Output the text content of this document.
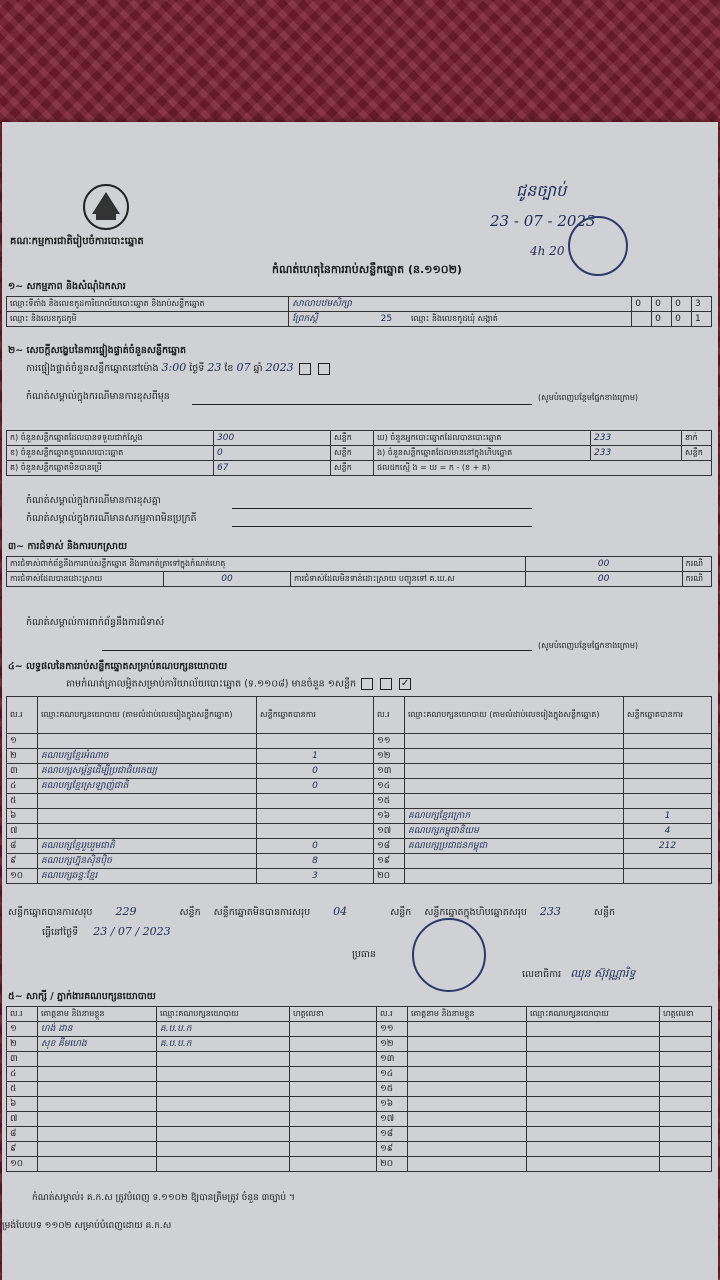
គណៈកម្មការជាតិរៀបចំការបោះឆ្នោត
កំណត់ហេតុនៃការរាប់សន្លឹកឆ្នោត (ន.១១០២)
ជូនច្បាប់
23 - 07 - 2023
4h 20
១~ សកម្មភាព និងសំណុំឯកសារ
ឈ្មោះទីតាំង និងលេខកូដការិយាល័យបោះឆ្នោត និងរាប់សន្លឹកឆ្នោត	សាលាបឋមសិក្សា	0	0	0	3
ឈ្មោះ និងលេខកូដភូមិ	ព្រែកស្តី 25 ឈ្មោះ និងលេខកូដឃុំ សង្កាត់		0	0	1
២~ សេចក្តីសង្ខេបនៃការផ្ទៀងផ្ទាត់ចំនួនសន្លឹកឆ្នោត
ការផ្ទៀងផ្ទាត់ចំនួនសន្លឹកឆ្នោតនៅម៉ោង 3:00 ថ្ងៃទី 23 ខែ 07 ឆ្នាំ 2023
កំណត់សម្គាល់ក្នុងករណីមានការខុសពីមុន	(សូមបំពេញបន្ថែមផ្នែកខាងក្រោម)
ក) ចំនួនសន្លឹកឆ្នោតដែលបានទទួលជាក់ស្តែង	300	សន្លឹក	ឃ) ចំនួនអ្នកបោះឆ្នោតដែលបានបោះឆ្នោត	233	នាក់
ខ) ចំនួនសន្លឹកឆ្នោតខូចពេលបោះឆ្នោត	0	សន្លឹក	ង) ចំនួនសន្លឹកឆ្នោតដែលមាននៅក្នុងហិបឆ្នោត	233	សន្លឹក
គ) ចំនួនសន្លឹកឆ្នោតមិនបានប្រើ	67	សន្លឹក	ផលដកស្មើ ង = ឃ = ក - (ខ + គ)		
កំណត់សម្គាល់ក្នុងករណីមានការខុសគ្នា
កំណត់សម្គាល់ក្នុងករណីមានសកម្មភាពមិនប្រក្រតី
៣~ ការជំទាស់ និងការបកស្រាយ
ការជំទាស់ពាក់ព័ន្ធនឹងការរាប់សន្លឹកឆ្នោត និងការកត់ត្រាទៅក្នុងកំណត់ហេតុ			00	ករណី
ការជំទាស់ដែលបានដោះស្រាយ	00	ការជំទាស់ដែលមិនទាន់ដោះស្រាយ បញ្ជូនទៅ គ.ឃ.ស	00	ករណី
កំណត់សម្គាល់ការពាក់ព័ន្ធនឹងការជំទាស់
(សូមបំពេញបន្ថែមផ្នែកខាងក្រោម)
៤~ លទ្ធផលនៃការរាប់សន្លឹកឆ្នោតសម្រាប់គណបក្សនយោបាយ
តាមកំណត់ត្រាលម្អិតសម្រាប់ការិយាល័យបោះឆ្នោត (ទ.១១០៨) មានចំនួន ១សន្លឹក	✓
ល.រ	ឈ្មោះគណបក្សនយោបាយ (តាមលំដាប់លេខរៀងក្នុងសន្លឹកឆ្នោត)	សន្លឹកឆ្នោតបានការ	ល.រ	ឈ្មោះគណបក្សនយោបាយ (តាមលំដាប់លេខរៀងក្នុងសន្លឹកឆ្នោត)	សន្លឹកឆ្នោតបានការ
១			១១		
២	គណបក្សខ្មែរអំណាច	1	១២		
៣	គណបក្សសម្ព័ន្ធដើម្បីប្រជាធិបតេយ្យ	0	១៣		
៤	គណបក្សខ្មែរស្រឡាញ់ជាតិ	0	១៤		
៥			១៥		
៦			១៦	គណបក្សខ្មែរក្រោក	1
៧			១៧	គណបក្សកម្ពុជានិយម	4
៨	គណបក្សខ្មែររួបរួមជាតិ	0	១៨	គណបក្សប្រជាជនកម្ពុជា	212
៩	គណបក្សហ្វ៊ុនស៊ិនប៉ិច	8	១៩		
១០	គណបក្សឆន្ទៈខ្មែរ	3	២០		
សន្លឹកឆ្នោតបានការសរុប 229	សន្លឹក សន្លឹកឆ្នោតមិនបានការសរុប 04	សន្លឹក សន្លឹកឆ្នោតក្នុងហិបឆ្នោតសរុប 233	សន្លឹក
ធ្វើនៅថ្ងៃទី 23 / 07 / 2023
ប្រធាន
លេខាធិការ ឈុន ស៊ុវណ្ណារិទ្ធ
៥~ សាក្សី / ភ្នាក់ងារគណបក្សនយោបាយ
ល.រ	គោត្តនាម និងនាមខ្លួន	ឈ្មោះគណបក្សនយោបាយ	ហត្ថលេខា	ល.រ	គោត្តនាម និងនាមខ្លួន	ឈ្មោះគណបក្សនយោបាយ	ហត្ថលេខា
១	ហង់ ដាន	គ.ប.ប.ក		១១			
២	សុខ គឹមហេង	គ.ប.ប.ក		១២			
៣				១៣			
៤				១៤			
៥				១៥			
៦				១៦			
៧				១៧			
៨				១៨			
៩				១៩			
១០				២០			
កំណត់សម្គាល់៖ គ.ក.ស ត្រូវបំពេញ ទ.១១០២ ឱ្យបានត្រឹមត្រូវ ចំនួន ៣ច្បាប់ ។
ម្រង់បែបបទ ១១០២ សម្រាប់បំពេញដោយ គ.ក.ស
